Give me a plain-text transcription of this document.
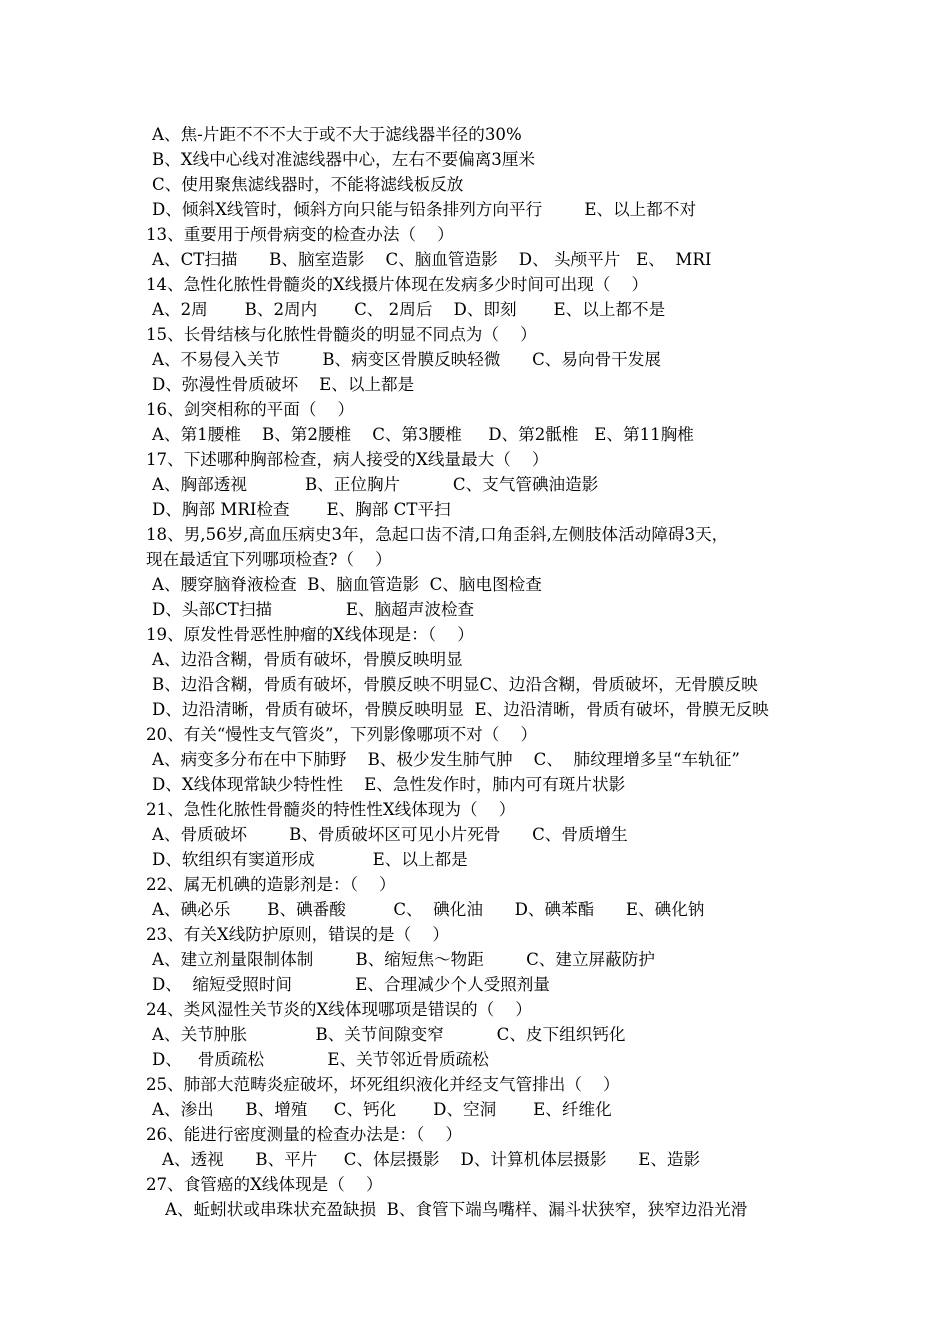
A、焦-片距不不不大于或不大于滤线器半径的30%
B、X线中心线对准滤线器中心，左右不要偏离3厘米
C、使用聚焦滤线器时，不能将滤线板反放
D、倾斜X线管时，倾斜方向只能与铅条排列方向平行        E、以上都不对
13、重要用于颅骨病变的检查办法（    ）
A、CT扫描      B、脑室造影    C、脑血管造影    D、 头颅平片   E、  MRI
14、急性化脓性骨髓炎的X线摄片体现在发病多少时间可出现（    ）
A、2周       B、2周内       C、 2周后    D、即刻       E、以上都不是
15、长骨结核与化脓性骨髓炎的明显不同点为（    ）
A、不易侵入关节        B、病变区骨膜反映轻微      C、易向骨干发展
D、弥漫性骨质破坏    E、以上都是
16、剑突相称的平面（    ）
A、第1腰椎    B、第2腰椎    C、第3腰椎     D、第2骶椎   E、第11胸椎
17、下述哪种胸部检查，病人接受的X线量最大（    ）
A、胸部透视           B、正位胸片          C、支气管碘油造影
D、胸部 MRI检查       E、胸部 CT平扫
18、男,56岁,高血压病史3年，急起口齿不清,口角歪斜,左侧肢体活动障碍3天，
现在最适宜下列哪项检查?（    ）
A、腰穿脑脊液检查  B、脑血管造影  C、脑电图检查
D、头部CT扫描              E、脑超声波检查
19、原发性骨恶性肿瘤的X线体现是：（    ）
A、边沿含糊，骨质有破坏，骨膜反映明显
B、边沿含糊，骨质有破坏，骨膜反映不明显C、边沿含糊，骨质破坏，无骨膜反映
D、边沿清晰，骨质有破坏，骨膜反映明显  E、边沿清晰，骨质有破坏，骨膜无反映
20、有关“慢性支气管炎”，下列影像哪项不对（    ）
A、病变多分布在中下肺野    B、极少发生肺气肿    C、  肺纹理增多呈“车轨征”
D、X线体现常缺少特性性    E、急性发作时，肺内可有斑片状影
21、急性化脓性骨髓炎的特性性X线体现为（    ）
A、骨质破坏        B、骨质破坏区可见小片死骨      C、骨质增生
D、软组织有窦道形成           E、以上都是
22、属无机碘的造影剂是：（    ）
A、碘必乐       B、碘番酸         C、  碘化油      D、碘苯酯      E、碘化钠
23、有关X线防护原则，错误的是（    ）
A、建立剂量限制体制        B、缩短焦～物距        C、建立屏蔽防护
D、  缩短受照时间            E、合理减少个人受照剂量
24、类风湿性关节炎的X线体现哪项是错误的（    ）
A、关节肿胀             B、关节间隙变窄          C、皮下组织钙化
D、   骨质疏松            E、关节邻近骨质疏松
25、肺部大范畴炎症破坏，坏死组织液化并经支气管排出（    ）
A、渗出      B、增殖     C、钙化       D、空洞       E、纤维化
26、能进行密度测量的检查办法是：（    ）
A、透视      B、平片     C、体层摄影    D、计算机体层摄影      E、造影
27、食管癌的X线体现是（    ）
A、蚯蚓状或串珠状充盈缺损  B、食管下端鸟嘴样、漏斗状狭窄，狭窄边沿光滑
